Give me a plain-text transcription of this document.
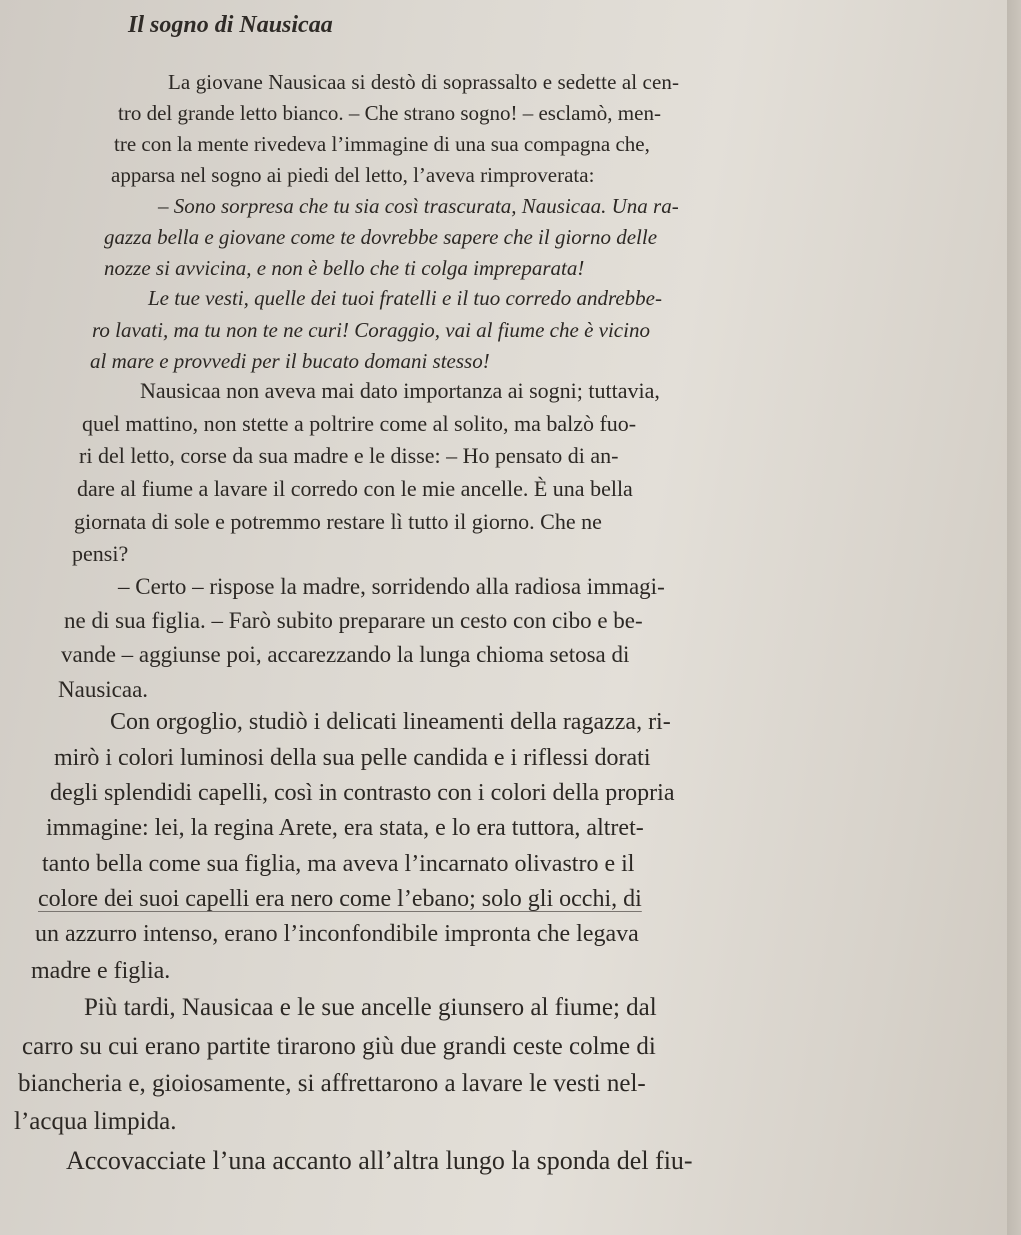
Il sogno di Nausicaa

La giovane Nausicaa si destò di soprassalto e sedette al cen-

tro del grande letto bianco. – Che strano sogno! – esclamò, men-

tre con la mente rivedeva l’immagine di una sua compagna che,

apparsa nel sogno ai piedi del letto, l’aveva rimproverata:

– Sono sorpresa che tu sia così trascurata, Nausicaa. Una ra-

gazza bella e giovane come te dovrebbe sapere che il giorno delle

nozze si avvicina, e non è bello che ti colga impreparata!

Le tue vesti, quelle dei tuoi fratelli e il tuo corredo andrebbe-

ro lavati, ma tu non te ne curi! Coraggio, vai al fiume che è vicino

al mare e provvedi per il bucato domani stesso!

Nausicaa non aveva mai dato importanza ai sogni; tuttavia,

quel mattino, non stette a poltrire come al solito, ma balzò fuo-

ri del letto, corse da sua madre e le disse: – Ho pensato di an-

dare al fiume a lavare il corredo con le mie ancelle. È una bella

giornata di sole e potremmo restare lì tutto il giorno. Che ne

pensi?

– Certo – rispose la madre, sorridendo alla radiosa immagi-

ne di sua figlia. – Farò subito preparare un cesto con cibo e be-

vande – aggiunse poi, accarezzando la lunga chioma setosa di

Nausicaa.

Con orgoglio, studiò i delicati lineamenti della ragazza, ri-

mirò i colori luminosi della sua pelle candida e i riflessi dorati

degli splendidi capelli, così in contrasto con i colori della propria

immagine: lei, la regina Arete, era stata, e lo era tuttora, altret-

tanto bella come sua figlia, ma aveva l’incarnato olivastro e il

colore dei suoi capelli era nero come l’ebano; solo gli occhi, di

un azzurro intenso, erano l’inconfondibile impronta che legava

madre e figlia.

Più tardi, Nausicaa e le sue ancelle giunsero al fiume; dal

carro su cui erano partite tirarono giù due grandi ceste colme di

biancheria e, gioiosamente, si affrettarono a lavare le vesti nel-

l’acqua limpida.

Accovacciate l’una accanto all’altra lungo la sponda del fiu-
